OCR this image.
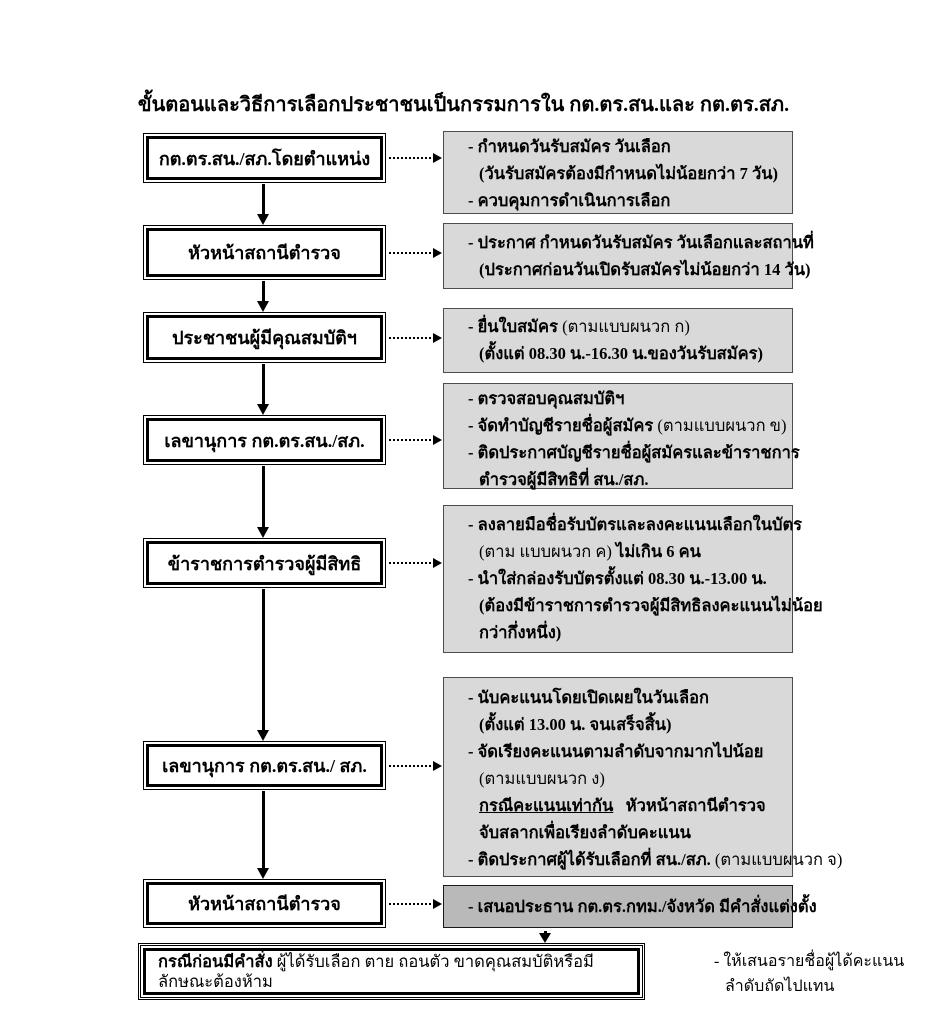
ขั้นตอนและวิธีการเลือกประชาชนเป็นกรรมการใน กต.ตร.สน.และ กต.ตร.สภ.
กต.ตร.สน./สภ.โดยตำแหน่ง
- กำหนดวันรับสมัคร วันเลือก
(วันรับสมัครต้องมีกำหนดไม่น้อยกว่า 7 วัน)
- ควบคุมการดำเนินการเลือก
หัวหน้าสถานีตำรวจ
- ประกาศ กำหนดวันรับสมัคร วันเลือกและสถานที่
(ประกาศก่อนวันเปิดรับสมัครไม่น้อยกว่า 14 วัน)
ประชาชนผู้มีคุณสมบัติฯ
- ยื่นใบสมัคร (ตามแบบผนวก ก)
(ตั้งแต่ 08.30 น.-16.30 น.ของวันรับสมัคร)
เลขานุการ กต.ตร.สน./สภ.
- ตรวจสอบคุณสมบัติฯ
- จัดทำบัญชีรายชื่อผู้สมัคร (ตามแบบผนวก ข)
- ติดประกาศบัญชีรายชื่อผู้สมัครและข้าราชการ
ตำรวจผู้มีสิทธิที่ สน./สภ.
ข้าราชการตำรวจผู้มีสิทธิ
- ลงลายมือชื่อรับบัตรและลงคะแนนเลือกในบัตร
(ตาม แบบผนวก ค) ไม่เกิน 6 คน
- นำใส่กล่องรับบัตรตั้งแต่ 08.30 น.-13.00 น.
(ต้องมีข้าราชการตำรวจผู้มีสิทธิลงคะแนนไม่น้อย
กว่ากึ่งหนึ่ง)
เลขานุการ กต.ตร.สน./ สภ.
- นับคะแนนโดยเปิดเผยในวันเลือก
(ตั้งแต่ 13.00 น. จนเสร็จสิ้น)
- จัดเรียงคะแนนตามลำดับจากมากไปน้อย
(ตามแบบผนวก ง)
กรณีคะแนนเท่ากัน   หัวหน้าสถานีตำรวจ
จับสลากเพื่อเรียงลำดับคะแนน
- ติดประกาศผู้ได้รับเลือกที่ สน./สภ. (ตามแบบผนวก จ)
หัวหน้าสถานีตำรวจ	- เสนอประธาน กต.ตร.กทม./จังหวัด มีคำสั่งแต่งตั้ง
กรณีก่อนมีคำสั่ง ผู้ได้รับเลือก ตาย ถอนตัว ขาดคุณสมบัติหรือมีลักษณะต้องห้าม
- ให้เสนอรายชื่อผู้ได้คะแนน
ลำดับถัดไปแทน
